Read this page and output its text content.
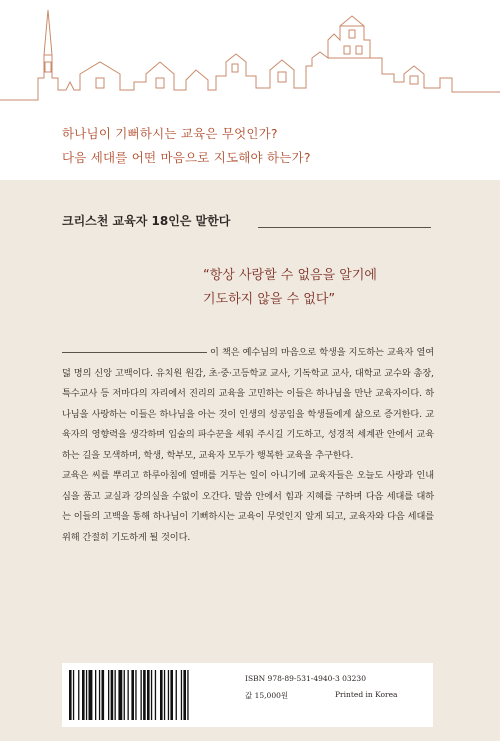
하나님이 기뻐하시는 교육은 무엇인가?
다음 세대를 어떤 마음으로 지도해야 하는가?
크리스천 교육자 18인은 말한다
“항상 사랑할 수 없음을 알기에
기도하지 않을 수 없다”

이 책은 예수님의 마음으로 학생을 지도하는 교육자 열여덟 명의 신앙 고백이다. 유치원 원감, 초·중·고등학교 교사, 기독학교 교사, 대학교 교수와 총장, 특수교사 등 저마다의 자리에서 진리의 교육을 고민하는 이들은 하나님을 만난 교육자이다. 하나님을 사랑하는 이들은 하나님을 아는 것이 인생의 성공임을 학생들에게 삶으로 증거한다. 교육자의 영향력을 생각하며 입술의 파수꾼을 세워 주시길 기도하고, 성경적 세계관 안에서 교육하는 길을 모색하며, 학생, 학부모, 교육자 모두가 행복한 교육을 추구한다.

교육은 씨를 뿌리고 하루아침에 열매를 거두는 일이 아니기에 교육자들은 오늘도 사랑과 인내심을 품고 교실과 강의실을 수없이 오간다. 말씀 안에서 힘과 지혜를 구하며 다음 세대를 대하는 이들의 고백을 통해 하나님이 기뻐하시는 교육이 무엇인지 알게 되고, 교육자와 다음 세대를 위해 간절히 기도하게 될 것이다.

ISBN 978-89-531-4940-3 03230
값 15,000원	Printed in Korea
